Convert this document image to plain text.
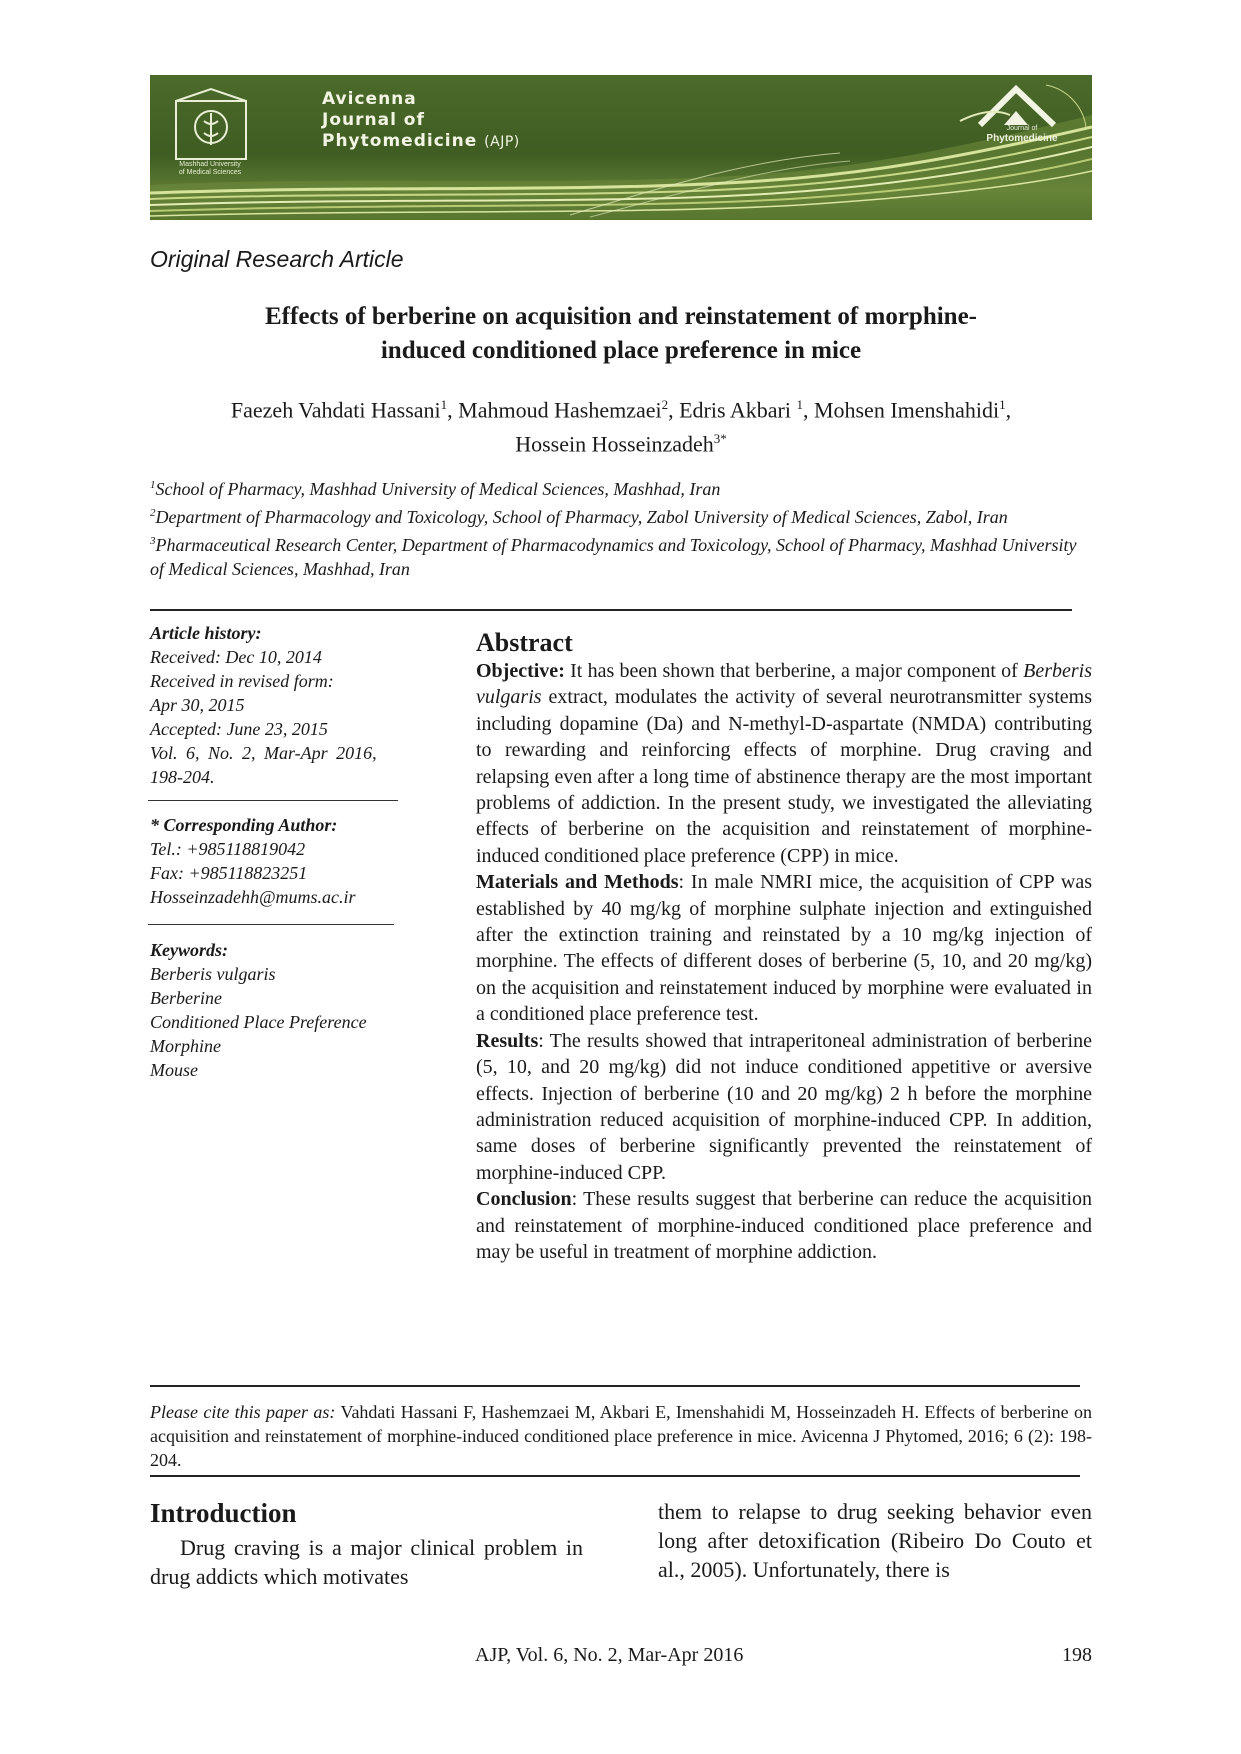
Mashhad University
of Medical Sciences
Avicenna
Journal of
Phytomedicine (AJP)
Journal of
Phytomedicine
Original Research Article
Effects of berberine on acquisition and reinstatement of morphine-
induced conditioned place preference in mice
Faezeh Vahdati Hassani$^1$, Mahmoud Hashemzaei$^2$, Edris Akbari $^1$, Mohsen Imenshahidi$^1$,
Hossein Hosseinzadeh$^{3*}$

$^1$School of Pharmacy, Mashhad University of Medical Sciences, Mashhad, Iran

$^2$Department of Pharmacology and Toxicology, School of Pharmacy, Zabol University of Medical Sciences, Zabol, Iran

$^3$Pharmaceutical Research Center, Department of Pharmacodynamics and Toxicology, School of Pharmacy, Mashhad University of Medical Sciences, Mashhad, Iran

Article history:
Received: Dec 10, 2014
Received in revised form:
Apr 30, 2015
Accepted: June 23, 2015
Vol. 6, No. 2, Mar-Apr 2016,
198-204.
* Corresponding Author:
Tel.: +985118819042
Fax: +985118823251
Hosseinzadehh@mums.ac.ir
Keywords:
Berberis vulgaris
Berberine
Conditioned Place Preference
Morphine
Mouse
Abstract

Objective: It has been shown that berberine, a major component of Berberis vulgaris extract, modulates the activity of several neurotransmitter systems including dopamine (Da) and N-methyl-D-aspartate (NMDA) contributing to rewarding and reinforcing effects of morphine. Drug craving and relapsing even after a long time of abstinence therapy are the most important problems of addiction. In the present study, we investigated the alleviating effects of berberine on the acquisition and reinstatement of morphine-induced conditioned place preference (CPP) in mice.

Materials and Methods: In male NMRI mice, the acquisition of CPP was established by 40 mg/kg of morphine sulphate injection and extinguished after the extinction training and reinstated by a 10 mg/kg injection of morphine. The effects of different doses of berberine (5, 10, and 20 mg/kg) on the acquisition and reinstatement induced by morphine were evaluated in a conditioned place preference test.

Results: The results showed that intraperitoneal administration of berberine (5, 10, and 20 mg/kg) did not induce conditioned appetitive or aversive effects. Injection of berberine (10 and 20 mg/kg) 2 h before the morphine administration reduced acquisition of morphine-induced CPP. In addition, same doses of berberine significantly prevented the reinstatement of morphine-induced CPP.

Conclusion: These results suggest that berberine can reduce the acquisition and reinstatement of morphine-induced conditioned place preference and may be useful in treatment of morphine addiction.

Please cite this paper as: Vahdati Hassani F, Hashemzaei M, Akbari E, Imenshahidi M, Hosseinzadeh H. Effects of berberine on acquisition and reinstatement of morphine-induced conditioned place preference in mice. Avicenna J Phytomed, 2016; 6 (2): 198-204.
Introduction
Drug craving is a major clinical problem in drug addicts which motivates
them to relapse to drug seeking behavior even long after detoxification (Ribeiro Do Couto et al., 2005). Unfortunately, there is
AJP, Vol. 6, No. 2, Mar-Apr 2016	198
